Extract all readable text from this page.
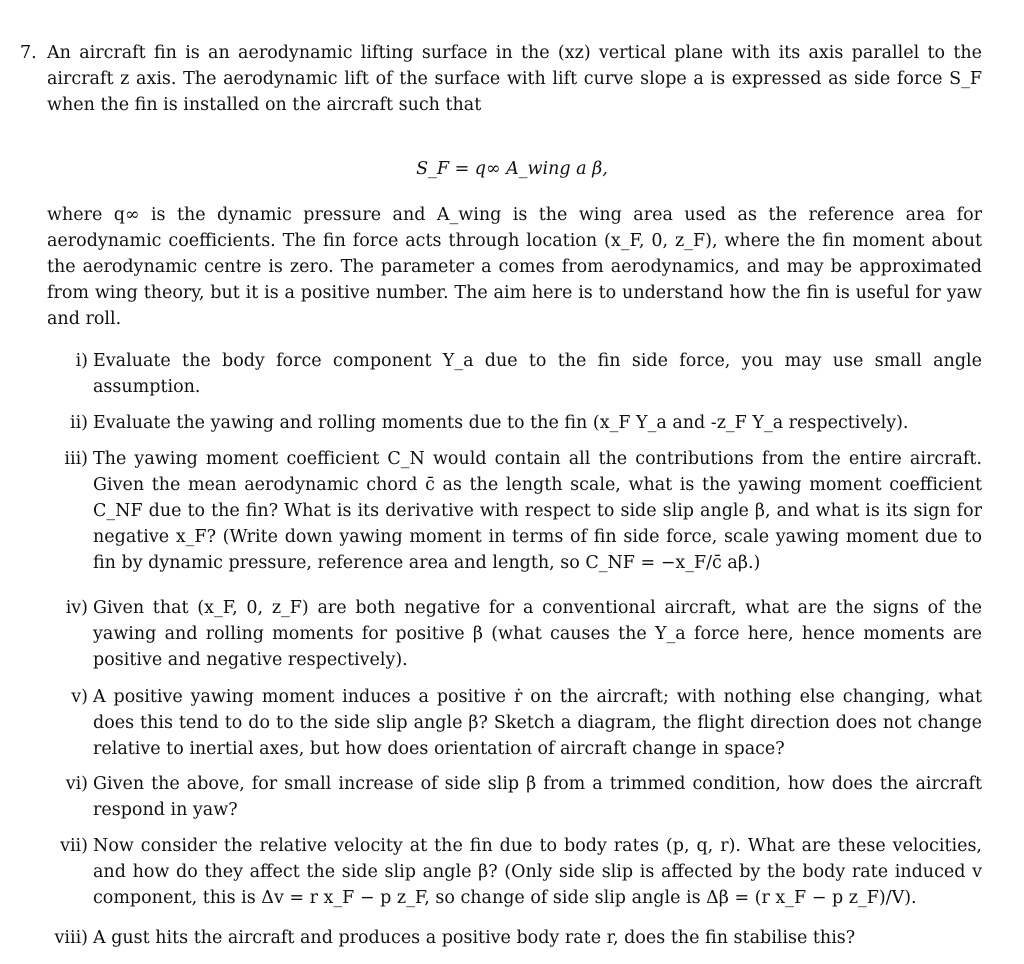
7. An aircraft fin is an aerodynamic lifting surface in the (xz) vertical plane with its axis parallel to the aircraft z axis. The aerodynamic lift of the surface with lift curve slope a is expressed as side force S_F when the fin is installed on the aircraft such that

S_F = q∞ A_wing a β,

where q∞ is the dynamic pressure and A_wing is the wing area used as the reference area for aerodynamic coefficients. The fin force acts through location (x_F, 0, z_F), where the fin moment about the aerodynamic centre is zero. The parameter a comes from aerodynamics, and may be approximated from wing theory, but it is a positive number. The aim here is to understand how the fin is useful for yaw and roll.

i) Evaluate the body force component Y_a due to the fin side force, you may use small angle assumption.
ii) Evaluate the yawing and rolling moments due to the fin (x_F Y_a and -z_F Y_a respectively).
iii) The yawing moment coefficient C_N would contain all the contributions from the entire aircraft. Given the mean aerodynamic chord c̄ as the length scale, what is the yawing moment coefficient C_NF due to the fin? What is its derivative with respect to side slip angle β, and what is its sign for negative x_F? (Write down yawing moment in terms of fin side force, scale yawing moment due to fin by dynamic pressure, reference area and length, so C_NF = −x_F/c̄ aβ.)
iv) Given that (x_F, 0, z_F) are both negative for a conventional aircraft, what are the signs of the yawing and rolling moments for positive β (what causes the Y_a force here, hence moments are positive and negative respectively).
v) A positive yawing moment induces a positive ṙ on the aircraft; with nothing else changing, what does this tend to do to the side slip angle β? Sketch a diagram, the flight direction does not change relative to inertial axes, but how does orientation of aircraft change in space?
vi) Given the above, for small increase of side slip β from a trimmed condition, how does the aircraft respond in yaw?
vii) Now consider the relative velocity at the fin due to body rates (p, q, r). What are these velocities, and how do they affect the side slip angle β? (Only side slip is affected by the body rate induced v component, this is Δv = r x_F − p z_F, so change of side slip angle is Δβ = (r x_F − p z_F)/V).
viii) A gust hits the aircraft and produces a positive body rate r, does the fin stabilise this?
